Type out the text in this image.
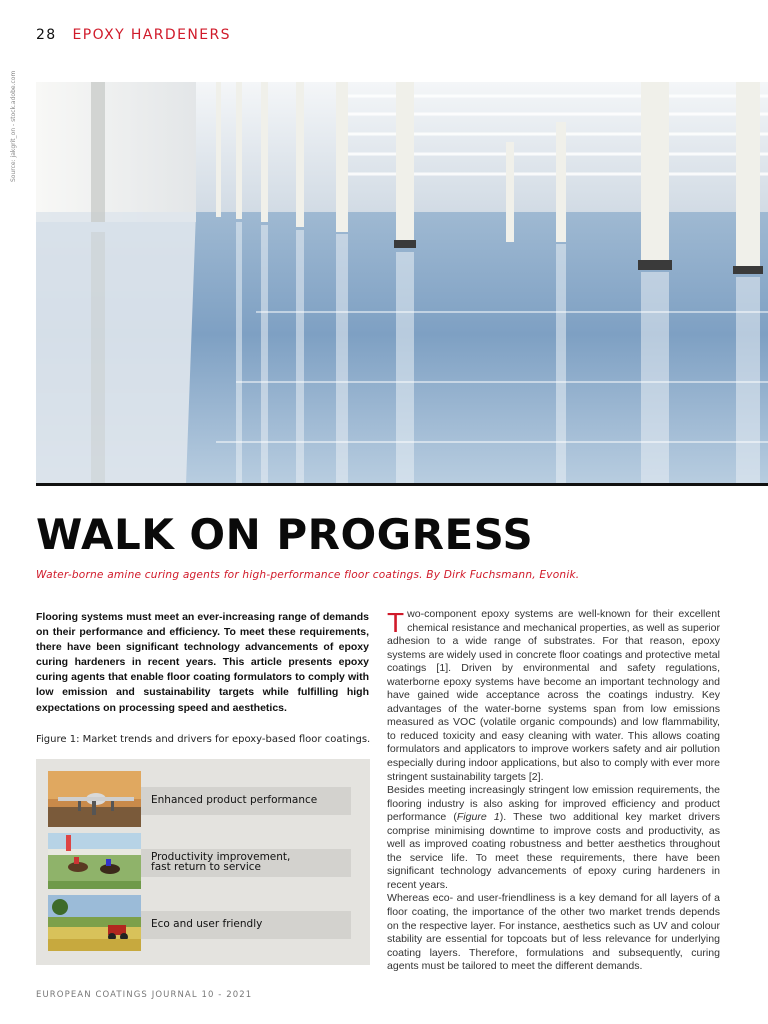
28 EPOXY HARDENERS
Source: jakgrit_on - stock.adobe.com
WALK ON PROGRESS

Water-borne amine curing agents for high-performance floor coatings. By Dirk Fuchsmann, Evonik.

Flooring systems must meet an ever-increasing range of demands on their performance and efficiency. To meet these requirements, there have been significant technology advancements of epoxy curing hardeners in recent years. This article presents epoxy curing agents that enable floor coating formulators to comply with low emission and sustainability targets while fulfilling high expectations on processing speed and aesthetics.

Figure 1: Market trends and drivers for epoxy-based floor coatings.

Enhanced product performance
Productivity improvement,
fast return to service
Eco and user friendly

Two-component epoxy systems are well-known for their excellent chemical resistance and mechanical properties, as well as superior adhesion to a wide range of substrates. For that reason, epoxy systems are widely used in concrete floor coatings and protective metal coatings [1]. Driven by environmental and safety regulations, waterborne epoxy systems have become an important technology and have gained wide acceptance across the coatings industry. Key advantages of the water-borne systems span from low emissions measured as VOC (volatile organic compounds) and low flammability, to reduced toxicity and easy cleaning with water. This allows coating formulators and applicators to improve workers safety and air pollution especially during indoor applications, but also to comply with ever more stringent sustainability targets [2].

Besides meeting increasingly stringent low emission requirements, the flooring industry is also asking for improved efficiency and product performance (Figure 1). These two additional key market drivers comprise minimising downtime to improve costs and productivity, as well as improved coating robustness and better aesthetics throughout the service life. To meet these requirements, there have been significant technology advancements of epoxy curing hardeners in recent years.

Whereas eco- and user-friendliness is a key demand for all layers of a floor coating, the importance of the other two market trends depends on the respective layer. For instance, aesthetics such as UV and colour stability are essential for topcoats but of less relevance for underlying coating layers. Therefore, formulations and subsequently, curing agents must be tailored to meet the different demands.

EUROPEAN COATINGS JOURNAL 10 - 2021
